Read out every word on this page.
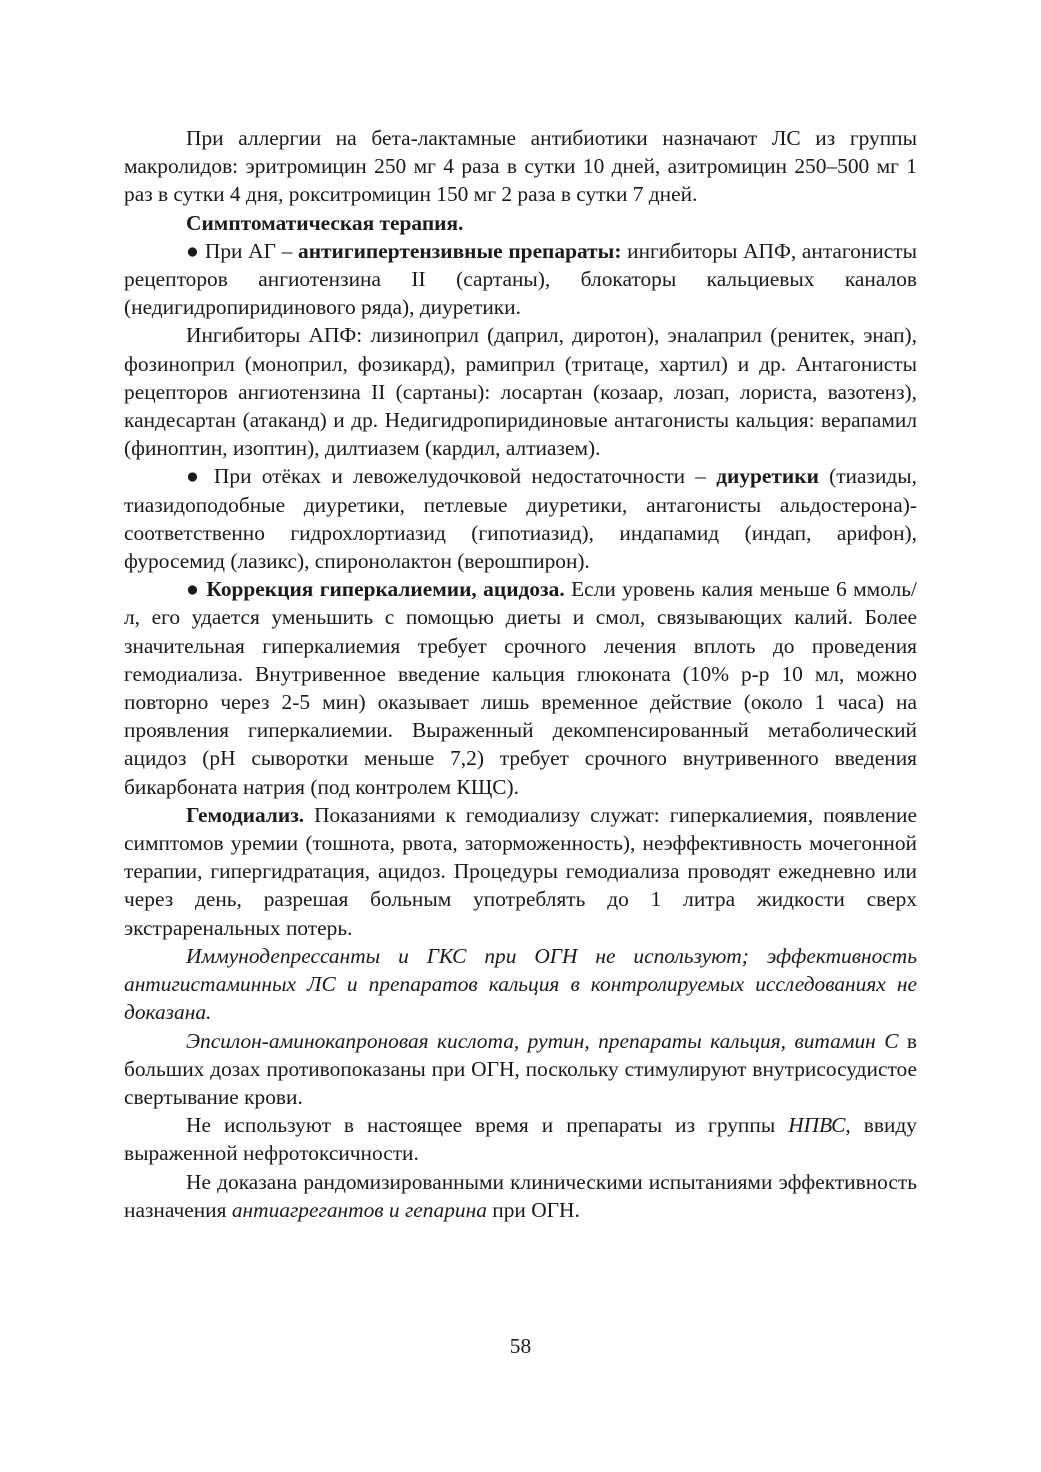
При аллергии на бета-лактамные антибиотики назначают ЛС из группы макролидов: эритромицин 250 мг 4 раза в сутки 10 дней, азитромицин 250–500 мг 1 раз в сутки 4 дня, рокситромицин 150 мг 2 раза в сутки 7 дней.

Симптоматическая терапия.

● При АГ – антигипертензивные препараты: ингибиторы АПФ, антагонисты рецепторов ангиотензина II (сартаны), блокаторы кальциевых каналов (недигидропиридинового ряда), диуретики.

Ингибиторы АПФ: лизиноприл (даприл, диротон), эналаприл (ренитек, энап), фозиноприл (моноприл, фозикард), рамиприл (тритаце, хартил) и др. Антагонисты рецепторов ангиотензина II (сартаны): лосартан (козаар, лозап, лориста, вазотенз), кандесартан (атаканд) и др. Недигидропиридиновые антагонисты кальция: верапамил (финоптин, изоптин), дилтиазем (кардил, алтиазем).

● При отёках и левожелудочковой недостаточности – диуретики (тиазиды, тиазидоподобные диуретики, петлевые диуретики, антагонисты альдостерона)- соответственно гидрохлортиазид (гипотиазид), индапамид (индап, арифон), фуросемид (лазикс), спиронолактон (верошпирон).

● Коррекция гиперкалиемии, ацидоза. Если уровень калия меньше 6 ммоль/л, его удается уменьшить с помощью диеты и смол, связывающих калий. Более значительная гиперкалиемия требует срочного лечения вплоть до проведения гемодиализа. Внутривенное введение кальция глюконата (10% р-р 10 мл, можно повторно через 2-5 мин) оказывает лишь временное действие (около 1 часа) на проявления гиперкалиемии. Выраженный декомпенсированный метаболический ацидоз (pH сыворотки меньше 7,2) требует срочного внутривенного введения бикарбоната натрия (под контролем КЩС).

Гемодиализ. Показаниями к гемодиализу служат: гиперкалиемия, появление симптомов уремии (тошнота, рвота, заторможенность), неэффективность мочегонной терапии, гипергидратация, ацидоз. Процедуры гемодиализа проводят ежедневно или через день, разрешая больным употреблять до 1 литра жидкости сверх экстраренальных потерь.

Иммунодепрессанты и ГКС при ОГН не используют; эффективность антигистаминных ЛС и препаратов кальция в контролируемых исследованиях не доказана.

Эпсилон-аминокапроновая кислота, рутин, препараты кальция, витамин С в больших дозах противопоказаны при ОГН, поскольку стимулируют внутрисосудистое свертывание крови.

Не используют в настоящее время и препараты из группы НПВС, ввиду выраженной нефротоксичности.

Не доказана рандомизированными клиническими испытаниями эффективность назначения антиагрегантов и гепарина при ОГН.

58
